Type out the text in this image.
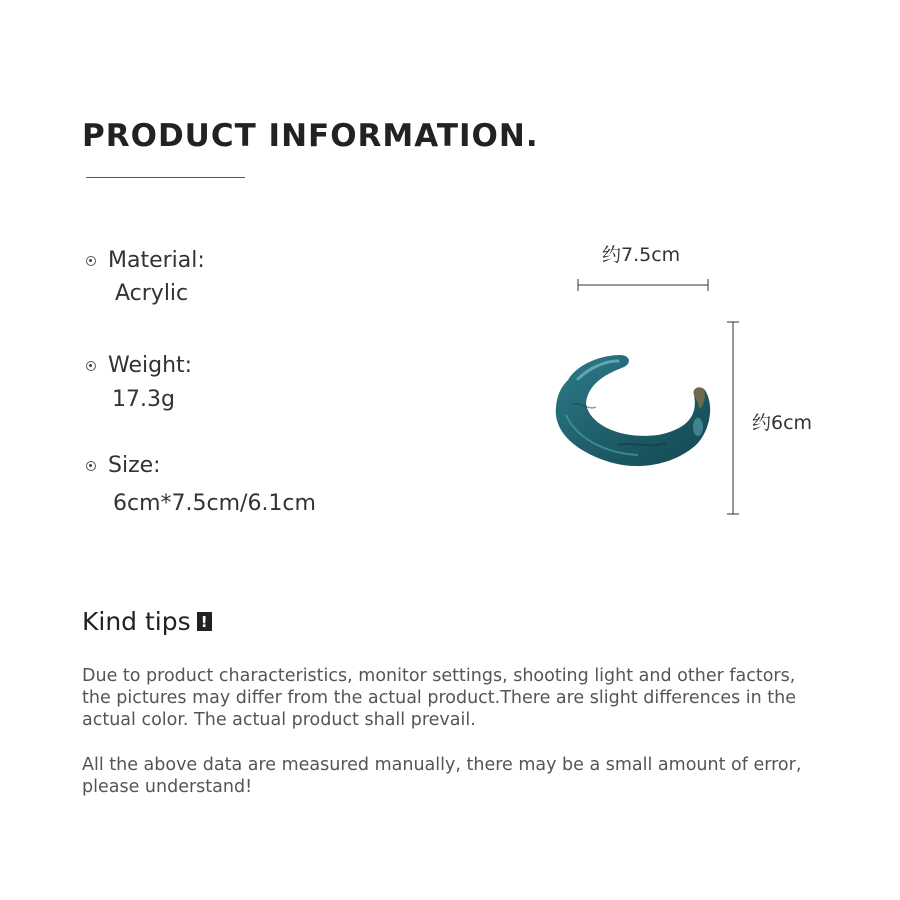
PRODUCT INFORMATION.
Material:
Acrylic
Weight:
17.3g
Size:
6cm*7.5cm/6.1cm
约7.5cm
约6cm
Kind tips !

Due to product characteristics, monitor settings, shooting light and other factors, the pictures may differ from the actual product.There are slight differences in the actual color. The actual product shall prevail.

All the above data are measured manually, there may be a small amount of error, please understand!
